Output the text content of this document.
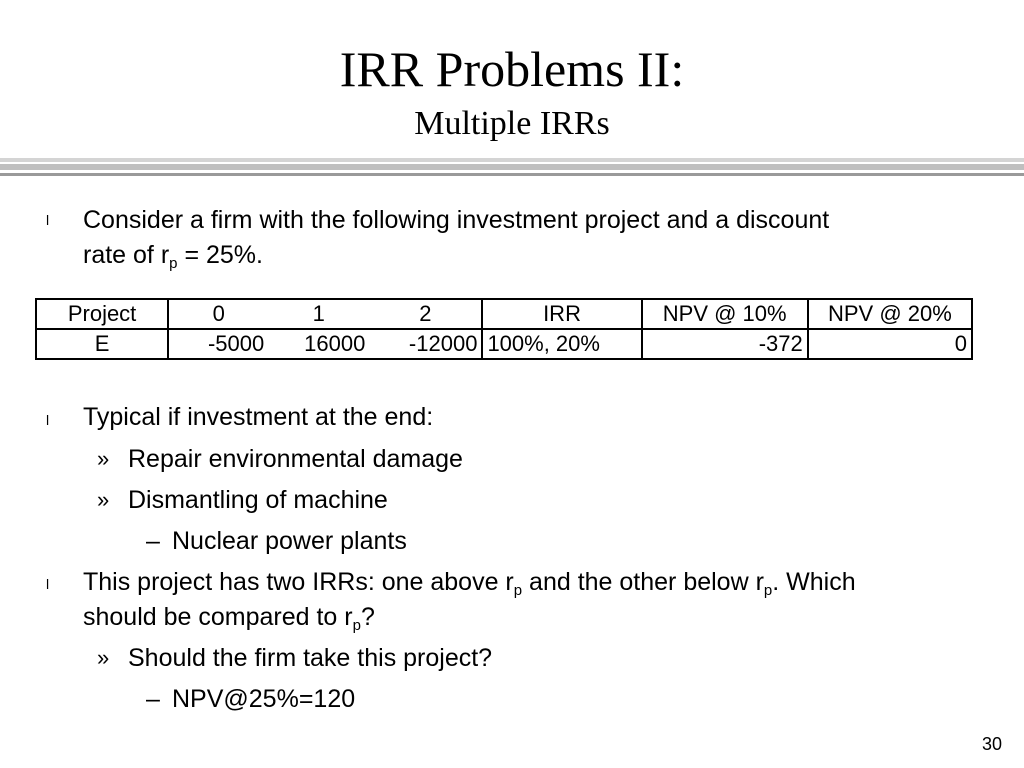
IRR Problems II:
Multiple IRRs
l Consider a firm with the following investment project and a discount
rate of $r_p = 25\%$.
Project	0	1	2	IRR	NPV @ 10%	NPV @ 20%
E	-5000	16000	-12000	100%, 20%	-372	0
l Typical if investment at the end:
» Repair environmental damage
» Dismantling of machine
– Nuclear power plants
l This project has two IRRs: one above $r_p$ and the other below $r_p$. Which
should be compared to $r_p$?
» Should the firm take this project?
– NPV@25%=120
30
